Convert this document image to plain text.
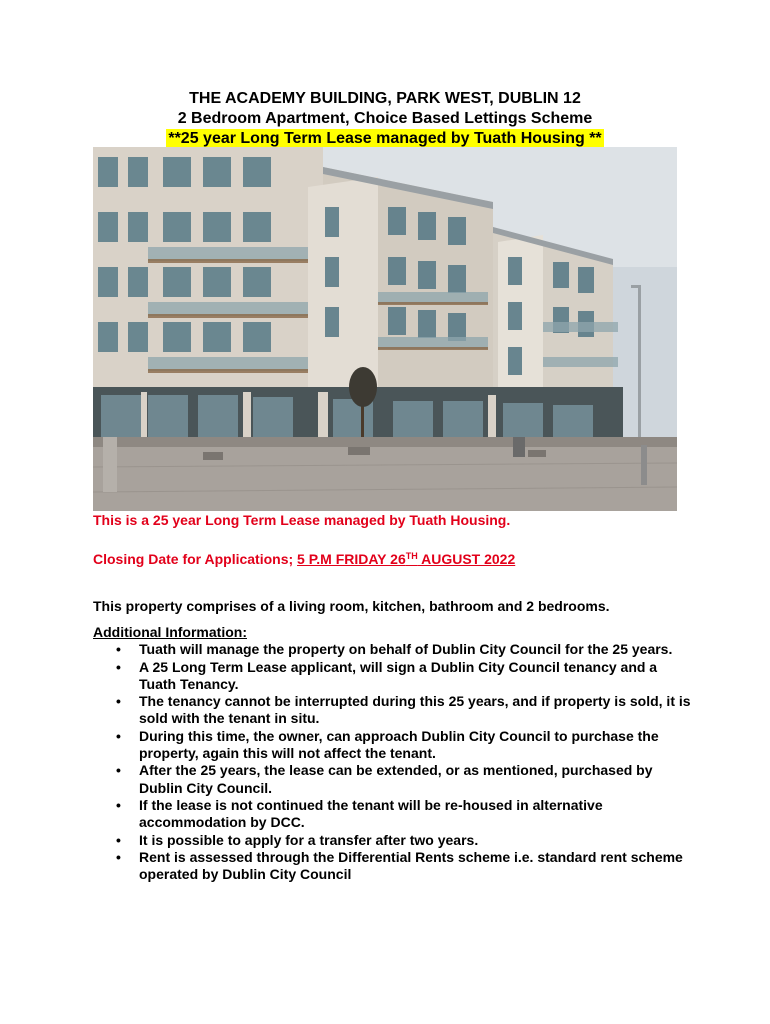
THE ACADEMY BUILDING, PARK WEST, DUBLIN 12
2 Bedroom Apartment, Choice Based Lettings Scheme
**25 year Long Term Lease managed by Tuath Housing **
This is a 25 year Long Term Lease managed by Tuath Housing.
Closing Date for Applications; 5 P.M FRIDAY 26TH AUGUST 2022
This property comprises of a living room, kitchen, bathroom and 2 bedrooms.
Additional Information:
• Tuath will manage the property on behalf of Dublin City Council for the 25 years.
• A 25 Long Term Lease applicant, will sign a Dublin City Council tenancy and a Tuath Tenancy.
• The tenancy cannot be interrupted during this 25 years, and if property is sold, it is sold with the tenant in situ.
• During this time, the owner, can approach Dublin City Council to purchase the property, again this will not affect the tenant.
• After the 25 years, the lease can be extended, or as mentioned, purchased by Dublin City Council.
• If the lease is not continued the tenant will be re-housed in alternative accommodation by DCC.
• It is possible to apply for a transfer after two years.
• Rent is assessed through the Differential Rents scheme i.e. standard rent scheme operated by Dublin City Council
